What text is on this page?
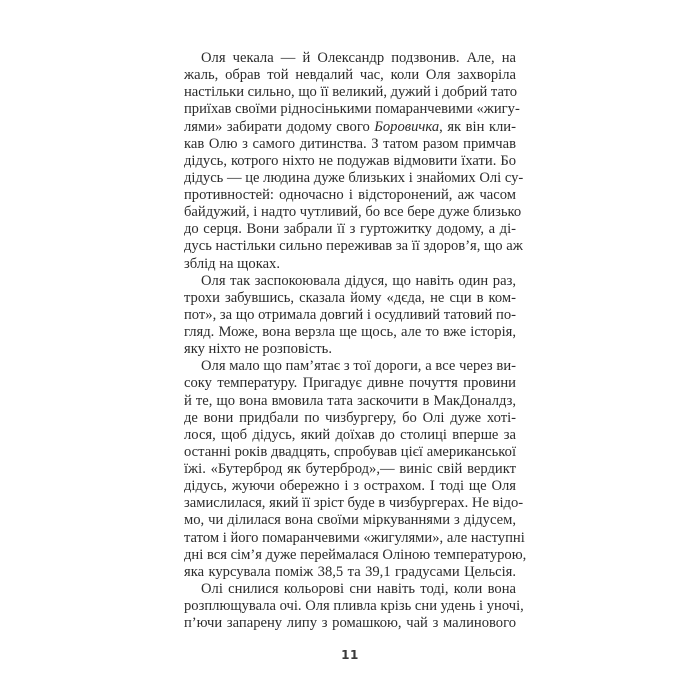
Оля чекала — й Олександр подзвонив. Але, на
жаль, обрав той невдалий час, коли Оля захворіла
настільки сильно, що її великий, дужий і добрий тато
приїхав своїми рідносінькими помаранчевими «жигу-
лями» забирати додому свого Боровичка, як він кли-
кав Олю з самого дитинства. З татом разом примчав
дідусь, котрого ніхто не подужав відмовити їхати. Бо
дідусь — це людина дуже близьких і знайомих Олі су-
противностей: одночасно і відсторонений, аж часом
байдужий, і надто чутливий, бо все бере дуже близько
до серця. Вони забрали її з гуртожитку додому, а ді-
дусь настільки сильно переживав за її здоров’я, що аж
зблід на щоках.
Оля так заспокоювала дідуся, що навіть один раз,
трохи забувшись, сказала йому «дєда, не сци в ком-
пот», за що отримала довгий і осудливий татовий по-
гляд. Може, вона верзла ще щось, але то вже історія,
яку ніхто не розповість.
Оля мало що пам’ятає з тої дороги, а все через ви-
соку температуру. Пригадує дивне почуття провини
й те, що вона вмовила тата заскочити в МакДоналдз,
де вони придбали по чизбургеру, бо Олі дуже хоті-
лося, щоб дідусь, який доїхав до столиці вперше за
останні років двадцять, спробував цієї американської
їжі. «Бутерброд як бутерброд»,— виніс свій вердикт
дідусь, жуючи обережно і з острахом. І тоді ще Оля
замислилася, який її зріст буде в чизбургерах. Не відо-
мо, чи ділилася вона своїми міркуваннями з дідусем,
татом і його помаранчевими «жигулями», але наступні
дні вся сім’я дуже переймалася Оліною температурою,
яка курсувала поміж 38,5 та 39,1 градусами Цельсія.
Олі снилися кольорові сни навіть тоді, коли вона
розплющувала очі. Оля пливла крізь сни удень і уночі,
п’ючи запарену липу з ромашкою, чай з малинового
11
